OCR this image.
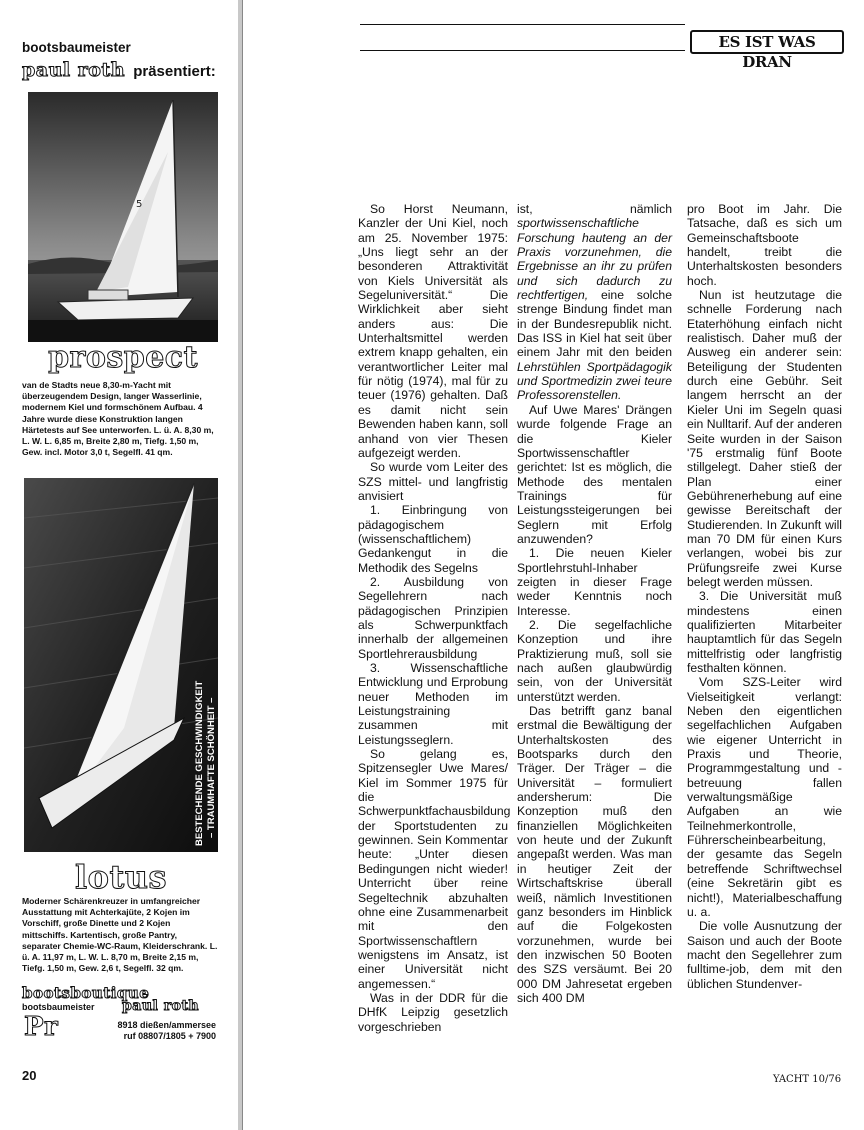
bootsbaumeister
paul roth präsentiert:
5
prospect
van de Stadts neue 8,30-m-Yacht mit überzeugendem Design, langer Wasserlinie, modernem Kiel und formschönem Aufbau. 4 Jahre wurde diese Konstruktion langen Härtetests auf See unterworfen. L. ü. A. 8,30 m, L. W. L. 6,85 m, Breite 2,80 m, Tiefg. 1,50 m, Gew. incl. Motor 3,0 t, Segelfl. 41 qm.
BESTECHENDE GESCHWINDIGKEIT – TRAUMHAFTE SCHÖNHEIT –
lotus
Moderner Schärenkreuzer in umfangreicher Ausstattung mit Achterkajüte, 2 Kojen im Vorschiff, große Dinette und 2 Kojen mittschiffs. Kartentisch, große Pantry, separater Chemie-WC-Raum, Kleiderschrank. L. ü. A. 11,97 m, L. W. L. 8,70 m, Breite 2,15 m, Tiefg. 1,50 m, Gew. 2,6 t, Segelfl. 32 qm.
bootsboutique
bootsbaumeister paul roth
Pr	8918 dießen/ammersee
ruf 08807/1805 + 7900
20
ES IST WAS DRAN

So Horst Neumann, Kanzler der Uni Kiel, noch am 25. November 1975: „Uns liegt sehr an der besonderen Attraktivität von Kiels Universität als Segeluniversität.“ Die Wirklichkeit aber sieht anders aus: Die Unterhaltsmittel werden extrem knapp gehalten, ein verantwortlicher Leiter mal für nötig (1974), mal für zu teuer (1976) gehalten. Daß es damit nicht sein Bewenden haben kann, soll anhand von vier Thesen aufgezeigt werden.

So wurde vom Leiter des SZS mittel- und langfristig anvisiert

1. Einbringung von pädagogischem (wissenschaftlichem) Gedankengut in die Methodik des Segelns

2. Ausbildung von Segellehrern nach pädagogischen Prinzipien als Schwerpunktfach innerhalb der allgemeinen Sportlehrerausbildung

3. Wissenschaftliche Entwicklung und Erprobung neuer Methoden im Leistungstraining zusammen mit Leistungsseglern.

So gelang es, Spitzensegler Uwe Mares/ Kiel im Sommer 1975 für die Schwerpunktfachausbildung der Sportstudenten zu gewinnen. Sein Kommentar heute: „Unter diesen Bedingungen nicht wieder! Unterricht über reine Segeltechnik abzuhalten ohne eine Zusammenarbeit mit den Sportwissenschaftlern wenigstens im Ansatz, ist einer Universität nicht angemessen.“

Was in der DDR für die DHfK Leipzig gesetzlich vorgeschrieben

ist, nämlich sportwissenschaftliche Forschung hauteng an der Praxis vorzunehmen, die Ergebnisse an ihr zu prüfen und sich dadurch zu rechtfertigen, eine solche strenge Bindung findet man in der Bundesrepublik nicht. Das ISS in Kiel hat seit über einem Jahr mit den beiden Lehrstühlen Sportpädagogik und Sportmedizin zwei teure Professorenstellen.

Auf Uwe Mares' Drängen wurde folgende Frage an die Kieler Sportwissenschaftler gerichtet: Ist es möglich, die Methode des mentalen Trainings für Leistungssteigerungen bei Seglern mit Erfolg anzuwenden?

1. Die neuen Kieler Sportlehrstuhl-Inhaber zeigten in dieser Frage weder Kenntnis noch Interesse.

2. Die segelfachliche Konzeption und ihre Praktizierung muß, soll sie nach außen glaubwürdig sein, von der Universität unterstützt werden.

Das betrifft ganz banal erstmal die Bewältigung der Unterhaltskosten des Bootsparks durch den Träger. Der Träger – die Universität – formuliert andersherum: Die Konzeption muß den finanziellen Möglichkeiten von heute und der Zukunft angepaßt werden. Was man in heutiger Zeit der Wirtschaftskrise überall weiß, nämlich Investitionen ganz besonders im Hinblick auf die Folgekosten vorzunehmen, wurde bei den inzwischen 50 Booten des SZS versäumt. Bei 20 000 DM Jahresetat ergeben sich 400 DM

pro Boot im Jahr. Die Tatsache, daß es sich um Gemeinschaftsboote handelt, treibt die Unterhaltskosten besonders hoch.

Nun ist heutzutage die schnelle Forderung nach Etaterhöhung einfach nicht realistisch. Daher muß der Ausweg ein anderer sein: Beteiligung der Studenten durch eine Gebühr. Seit langem herrscht an der Kieler Uni im Segeln quasi ein Nulltarif. Auf der anderen Seite wurden in der Saison '75 erstmalig fünf Boote stillgelegt. Daher stieß der Plan einer Gebührenerhebung auf eine gewisse Bereitschaft der Studierenden. In Zukunft will man 70 DM für einen Kurs verlangen, wobei bis zur Prüfungsreife zwei Kurse belegt werden müssen.

3. Die Universität muß mindestens einen qualifizierten Mitarbeiter hauptamtlich für das Segeln mittelfristig oder langfristig festhalten können.

Vom SZS-Leiter wird Vielseitigkeit verlangt: Neben den eigentlichen segelfachlichen Aufgaben wie eigener Unterricht in Praxis und Theorie, Programmgestaltung und -betreuung fallen verwaltungsmäßige Aufgaben an wie Teilnehmerkontrolle, Führerscheinbearbeitung, der gesamte das Segeln betreffende Schriftwechsel (eine Sekretärin gibt es nicht!), Materialbeschaffung u. a.

Die volle Ausnutzung der Saison und auch der Boote macht den Segellehrer zum fulltime-job, dem mit den üblichen Stundenver-

YACHT 10/76
